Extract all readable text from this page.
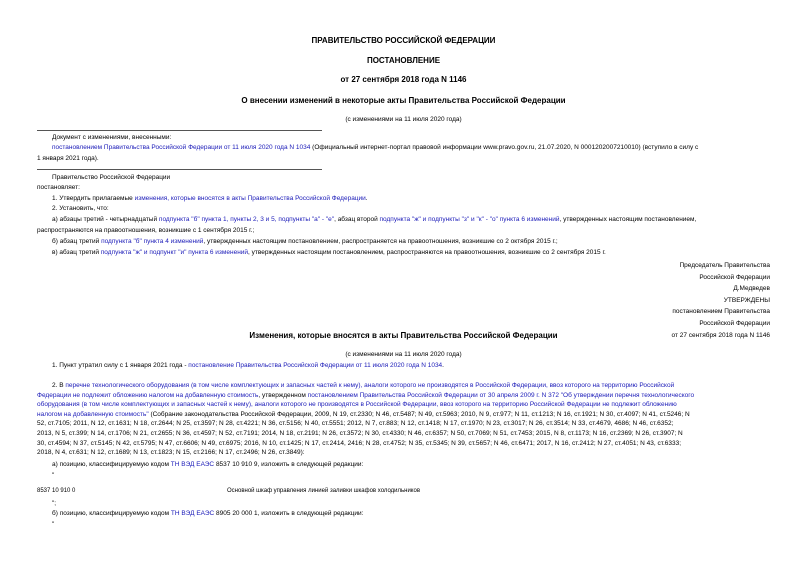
ПРАВИТЕЛЬСТВО РОССИЙСКОЙ ФЕДЕРАЦИИ
ПОСТАНОВЛЕНИЕ
от 27 сентября 2018 года N 1146
О внесении изменений в некоторые акты Правительства Российской Федерации
(с изменениями на 11 июля 2020 года)
Документ с изменениями, внесенными:
постановлением Правительства Российской Федерации от 11 июля 2020 года N 1034 (Официальный интернет-портал правовой информации www.pravo.gov.ru, 21.07.2020, N 0001202007210010) (вступило в силу с
1 января 2021 года).
Правительство Российской Федерации
постановляет:
1. Утвердить прилагаемые изменения, которые вносятся в акты Правительства Российской Федерации.
2. Установить, что:
а) абзацы третий - четырнадцатый подпункта "б" пункта 1, пункты 2, 3 и 5, подпункты "а" - "е", абзац второй подпункта "ж" и подпункты "з" и "к" - "о" пункта 6 изменений, утвержденных настоящим постановлением,
распространяются на правоотношения, возникшие с 1 сентября 2015 г.;
б) абзац третий подпункта "б" пункта 4 изменений, утвержденных настоящим постановлением, распространяется на правоотношения, возникшие со 2 октября 2015 г.;
в) абзац третий подпункта "ж" и подпункт "и" пункта 6 изменений, утвержденных настоящим постановлением, распространяются на правоотношения, возникшие со 2 сентября 2015 г.
Председатель Правительства
Российской Федерации
Д.Медведев
УТВЕРЖДЕНЫ
постановлением Правительства
Российской Федерации
от 27 сентября 2018 года N 1146
Изменения, которые вносятся в акты Правительства Российской Федерации
(с изменениями на 11 июля 2020 года)
1. Пункт утратил силу с 1 января 2021 года - постановление Правительства Российской Федерации от 11 июля 2020 года N 1034.
2. В перечне технологического оборудования (в том числе комплектующих и запасных частей к нему), аналоги которого не производятся в Российской Федерации, ввоз которого на территорию Российской
Федерации не подлежит обложению налогом на добавленную стоимость, утвержденном постановлением Правительства Российской Федерации от 30 апреля 2009 г. N 372 "Об утверждении перечня технологического
оборудования (в том числе комплектующих и запасных частей к нему), аналоги которого не производятся в Российской Федерации, ввоз которого на территорию Российской Федерации не подлежит обложению
налогом на добавленную стоимость" (Собрание законодательства Российской Федерации, 2009, N 19, ст.2330; N 46, ст.5487; N 49, ст.5963; 2010, N 9, ст.977; N 11, ст.1213; N 16, ст.1921; N 30, ст.4097; N 41, ст.5246; N
52, ст.7105; 2011, N 12, ст.1631; N 18, ст.2644; N 25, ст.3597; N 28, ст.4221; N 36, ст.5156; N 40, ст.5551; 2012, N 7, ст.883; N 12, ст.1418; N 17, ст.1970; N 23, ст.3017; N 26, ст.3514; N 33, ст.4679, 4686; N 46, ст.6352;
2013, N 5, ст.399; N 14, ст.1706; N 21, ст.2655; N 36, ст.4597; N 52, ст.7191; 2014, N 18, ст.2191; N 26, ст.3572; N 30, ст.4330; N 46, ст.6357; N 50, ст.7069; N 51, ст.7453; 2015, N 8, ст.1173; N 16, ст.2369; N 26, ст.3907; N
30, ст.4594; N 37, ст.5145; N 42, ст.5795; N 47, ст.6606; N 49, ст.6975; 2016, N 10, ст.1425; N 17, ст.2414, 2416; N 28, ст.4752; N 35, ст.5345; N 39, ст.5657; N 46, ст.6471; 2017, N 16, ст.2412; N 27, ст.4051; N 43, ст.6333;
2018, N 4, ст.631; N 12, ст.1689; N 13, ст.1823; N 15, ст.2166; N 17, ст.2496; N 26, ст.3849):
а) позицию, классифицируемую кодом ТН ВЭД ЕАЭС 8537 10 910 9, изложить в следующей редакции:
"
8537 10 910 0	Основной шкаф управления линией заливки шкафов холодильников
";
б) позицию, классифицируемую кодом ТН ВЭД ЕАЭС 8905 20 000 1, изложить в следующей редакции:
"
